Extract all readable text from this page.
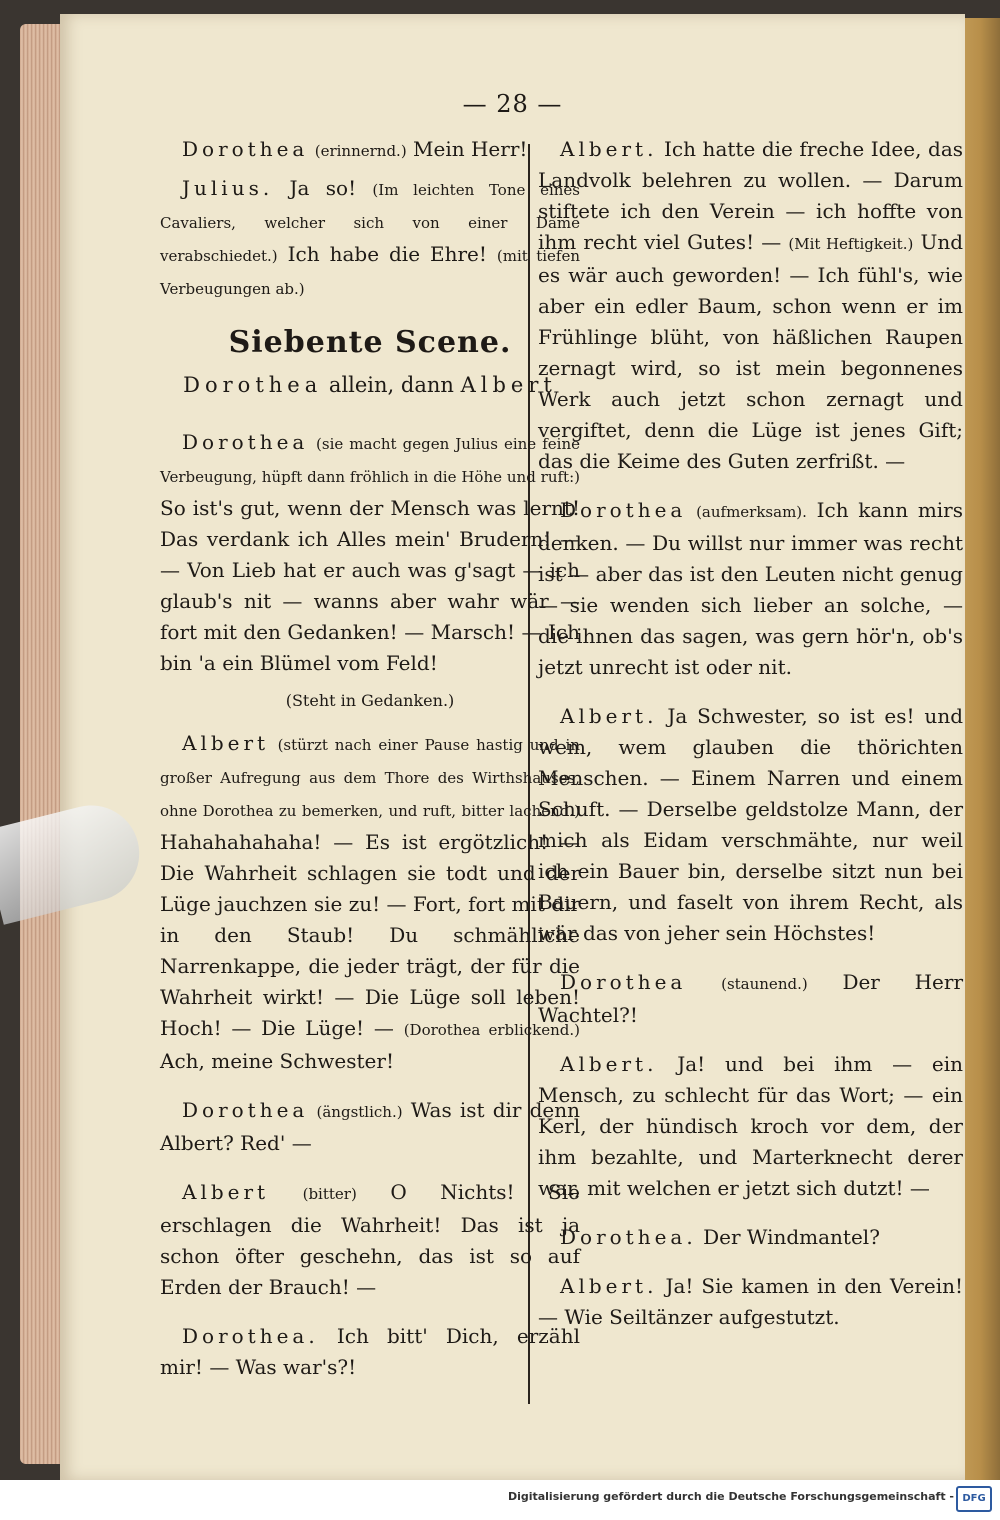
— 28 —

Dorothea (erinnernd.) Mein Herr!

Julius. Ja so! (Im leichten Tone eines Cavaliers, welcher sich von einer Dame verabschiedet.) Ich habe die Ehre! (mit tiefen Verbeugungen ab.)

Siebente Scene.
Dorothea allein, dann Albert

Dorothea (sie macht gegen Julius eine feine Verbeugung, hüpft dann fröhlich in die Höhe und ruft:) So ist's gut, wenn der Mensch was lernt! Das verdank ich Alles mein' Brudern! — — Von Lieb hat er auch was g'sagt — ich glaub's nit — wanns aber wahr wär — fort mit den Gedanken! — Marsch! — Ich bin 'a ein Blümel vom Feld!

(Steht in Gedanken.)

Albert (stürzt nach einer Pause hastig und in großer Aufregung aus dem Thore des Wirthshauses, ohne Dorothea zu bemerken, und ruft, bitter lachend.) Hahahahahaha! — Es ist ergötzlich! — Die Wahrheit schlagen sie todt und der Lüge jauchzen sie zu! — Fort, fort mit dir in den Staub! Du schmähliche Narrenkappe, die jeder trägt, der für die Wahrheit wirkt! — Die Lüge soll leben! Hoch! — Die Lüge! — (Dorothea erblickend.) Ach, meine Schwester!

Dorothea (ängstlich.) Was ist dir denn Albert? Red' —

Albert (bitter) O Nichts! Sie erschlagen die Wahrheit! Das ist ja schon öfter geschehn, das ist so auf Erden der Brauch! —

Dorothea. Ich bitt' Dich, erzähl mir! — Was war's?!

Albert. Ich hatte die freche Idee, das Landvolk belehren zu wollen. — Darum stiftete ich den Verein — ich hoffte von ihm recht viel Gutes! — (Mit Heftigkeit.) Und es wär auch geworden! — Ich fühl's, wie aber ein edler Baum, schon wenn er im Frühlinge blüht, von häßlichen Raupen zernagt wird, so ist mein begonnenes Werk auch jetzt schon zernagt und vergiftet, denn die Lüge ist jenes Gift; das die Keime des Guten zerfrißt. —

Dorothea (aufmerksam). Ich kann mirs denken. — Du willst nur immer was recht ist — aber das ist den Leuten nicht genug — sie wenden sich lieber an solche, — die ihnen das sagen, was gern hör'n, ob's jetzt unrecht ist oder nit.

Albert. Ja Schwester, so ist es! und wem, wem glauben die thörichten Menschen. — Einem Narren und einem Schuft. — Derselbe geldstolze Mann, der mich als Eidam verschmähte, nur weil ich ein Bauer bin, derselbe sitzt nun bei Bauern, und faselt von ihrem Recht, als wär das von jeher sein Höchstes!

Dorothea (staunend.) Der Herr Wachtel?!

Albert. Ja! und bei ihm — ein Mensch, zu schlecht für das Wort; — ein Kerl, der hündisch kroch vor dem, der ihm bezahlte, und Marterknecht derer war, mit welchen er jetzt sich dutzt! —

Dorothea. Der Windmantel?

Albert. Ja! Sie kamen in den Verein! — Wie Seiltänzer aufgestutzt.

Digitalisierung gefördert durch die Deutsche Forschungsgemeinschaft - DFG
